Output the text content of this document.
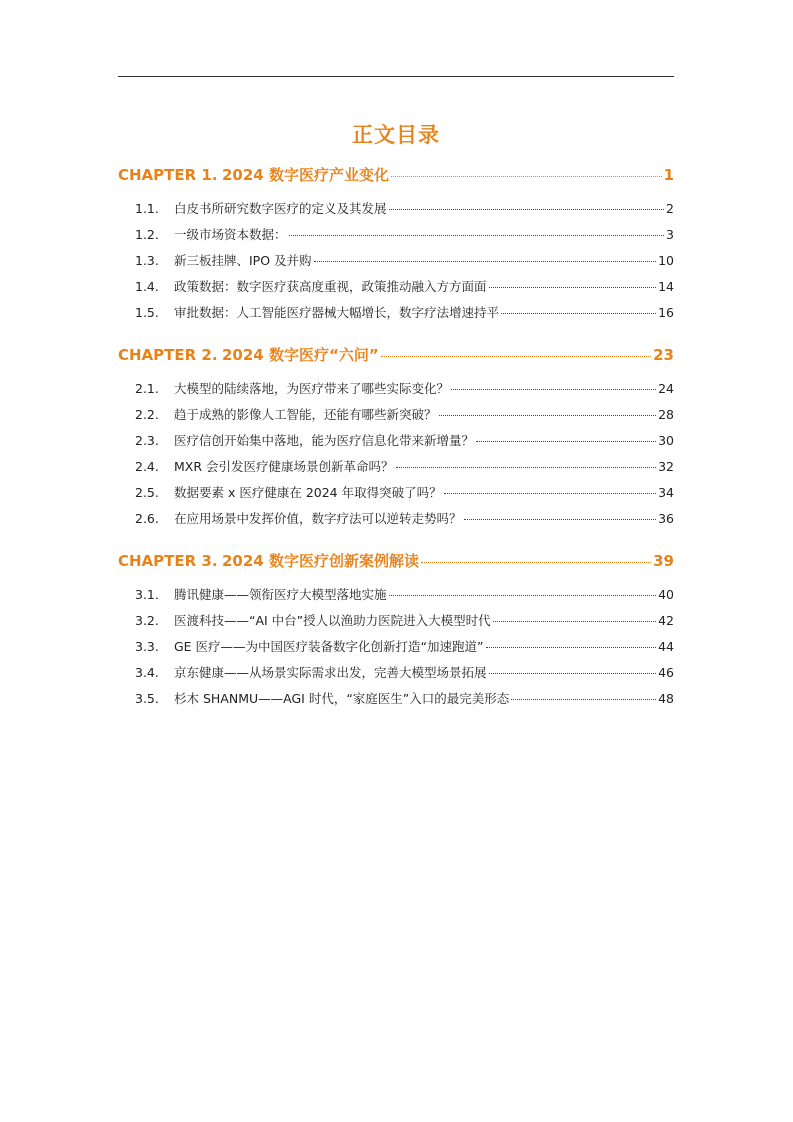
正文目录
CHAPTER 1. 2024 数字医疗产业变化	1
1.1.	白皮书所研究数字医疗的定义及其发展	2
1.2.	一级市场资本数据：	3
1.3.	新三板挂牌、IPO 及并购	10
1.4.	政策数据：数字医疗获高度重视，政策推动融入方方面面	14
1.5.	审批数据：人工智能医疗器械大幅增长，数字疗法增速持平	16
CHAPTER 2. 2024 数字医疗“六问”	23
2.1.	大模型的陆续落地，为医疗带来了哪些实际变化？	24
2.2.	趋于成熟的影像人工智能，还能有哪些新突破？	28
2.3.	医疗信创开始集中落地，能为医疗信息化带来新增量？	30
2.4.	MXR 会引发医疗健康场景创新革命吗？	32
2.5.	数据要素 x 医疗健康在 2024 年取得突破了吗？	34
2.6.	在应用场景中发挥价值，数字疗法可以逆转走势吗？	36
CHAPTER 3. 2024 数字医疗创新案例解读	39
3.1.	腾讯健康——领衔医疗大模型落地实施	40
3.2.	医渡科技——“AI 中台”授人以渔助力医院进入大模型时代	42
3.3.	GE 医疗——为中国医疗装备数字化创新打造“加速跑道”	44
3.4.	京东健康——从场景实际需求出发，完善大模型场景拓展	46
3.5.	杉木 SHANMU——AGI 时代，“家庭医生”入口的最完美形态	48
